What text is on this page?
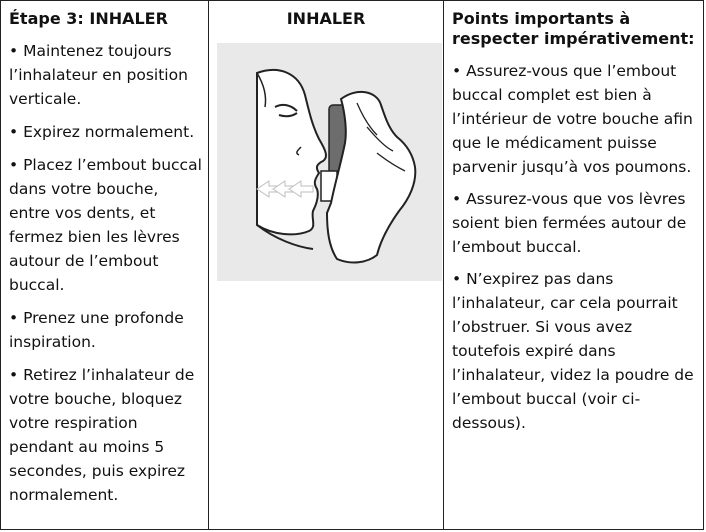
Étape 3: INHALER

• Maintenez toujours l’inhalateur en position verticale.

• Expirez normalement.

• Placez l’embout buccal dans votre bouche, entre vos dents, et fermez bien les lèvres autour de l’embout buccal.

• Prenez une profonde inspiration.

• Retirez l’inhalateur de votre bouche, bloquez votre respiration pendant au moins 5 secondes, puis expirez normalement.

INHALER	Points importants à respecter impérativement:

• Assurez-vous que l’embout buccal complet est bien à l’intérieur de votre bouche afin que le médicament puisse parvenir jusqu’à vos poumons.

• Assurez-vous que vos lèvres soient bien fermées autour de l’embout buccal.

• N’expirez pas dans l’inhalateur, car cela pourrait l’obstruer. Si vous avez toutefois expiré dans l’inhalateur, videz la poudre de l’embout buccal (voir ci-dessous).
